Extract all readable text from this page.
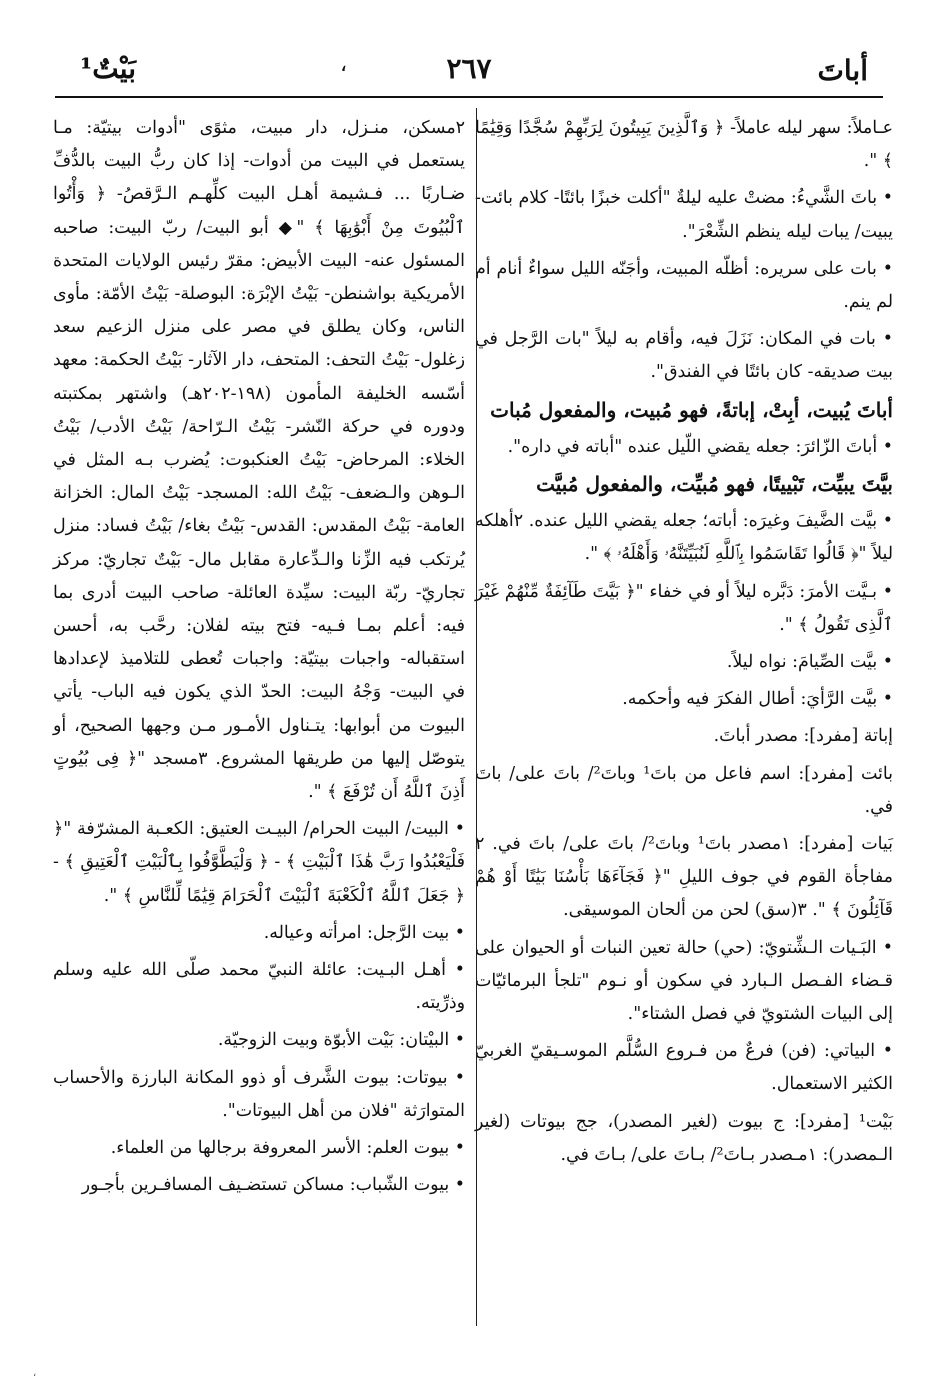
أباتَ
٢٦٧
،
بَيْتٌ¹

عـاملاً: سهر ليله عاملاً- ﴿ وَٱلَّذِينَ يَبِيتُونَ لِرَبِّهِمْ سُجَّدًا وَقِيَٰمًا ﴾ ".

• باتَ الشَّيءُ: مضتْ عليه ليلةٌ "أكلت خبزًا بائتًا- كلام بائت- يبيت/ يبات ليله ينظم الشِّعْرَ".

• بات على سريره: أظلّه المبيت، وأجَنّه الليل سواءٌ أنام أم لم ينم.

• بات في المكان: نَزَلَ فيه، وأقام به ليلاً "بات الرَّجل في بيت صديقه- كان بائتًا في الفندق".

أباتَ يُبيت، أبِتْ، إباتةً، فهو مُبيت، والمفعول مُبات

• أباتَ الزّائرَ: جعله يقضي اللّيل عنده "أباته في داره".

بيَّتَ يبيِّت، تَبْييتًا، فهو مُبيِّت، والمفعول مُبيَّت

• بيَّت الضَّيفَ وغيرَه: أباته؛ جعله يقضي الليل عنده. ٢أهلكه ليلاً "﴿ قَالُوا تَقَاسَمُوا بِٱللَّهِ لَنُبَيِّتَنَّهُۥ وَأَهْلَهُۥ ﴾ ".

• بـيَّت الأمرَ: دَبَّره ليلاً أو في خفاء "﴿ بَيَّتَ طَآئِفَةٌ مِّنْهُمْ غَيْرَ ٱلَّذِى تَقُولُ ﴾ ".

• بيَّت الصِّيامَ: نواه ليلاً.

• بيَّت الرَّأيَ: أطال الفكرَ فيه وأحكمه.

إباتة [مفرد]: مصدر أباتَ.

بائت [مفرد]: اسم فاعل من باتَ¹ وباتَ²/ باتَ على/ باتَ في.

بَيات [مفرد]: ١مصدر باتَ¹ وباتَ²/ باتَ على/ باتَ في. ٢ مفاجأة القوم في جوف الليلِ "﴿ فَجَآءَهَا بَأْسُنَا بَيَٰتًا أَوْ هُمْ قَآئِلُونَ ﴾ ". ٣(سق) لحن من ألحان الموسيقى.

• البَـيات الـشِّتويّ: (حي) حالة تعين النبات أو الحيوان على قـضاء الفـصل الـبارد في سكون أو نـوم "تلجأ البرمائيّات إلى البيات الشتويّ في فصل الشتاء".

• البياتي: (فن) فرعٌ من فـروع السُّلَّم الموسـيقيّ الغربيّ الكثير الاستعمال.

بَيْت¹ [مفرد]: ج بيوت (لغير المصدر)، جج بيوتات (لغير الـمصدر): ١مـصدر بـاتَ²/ بـاتَ على/ بـاتَ في.

٢مسكن، منـزل، دار مبيت، مثوًى "أدوات بيتيّة: مـا يستعمل في البيت من أدوات- إذا كان ربُّ البيت بالدُّفِّ ضـاربًا ... فـشيمة أهـل البيت كلِّهـم الـرَّقصُ- ﴿ وَأْتُوا ٱلْبُيُوتَ مِنْ أَبْوَٰبِهَا ﴾ "◆ أبو البيت/ ربّ البيت: صاحبه المسئول عنه- البيت الأبيض: مقرّ رئيس الولايات المتحدة الأمريكية بواشنطن- بَيْتُ الإبْرَة: البوصلة- بَيْتُ الأمّة: مأوى الناس، وكان يطلق في مصر على منزل الزعيم سعد زغلول- بَيْتُ التحف: المتحف، دار الآثار- بَيْتُ الحكمة: معهد أسّسه الخليفة المأمون (١٩٨-٢٠٢هـ) واشتهر بمكتبته ودوره في حركة النّشر- بَيْتُ الـرّاحة/ بَيْتُ الأدب/ بَيْتُ الخلاء: المرحاض- بَيْتُ العنكبوت: يُضرب بـه المثل في الـوهن والـضعف- بَيْتُ الله: المسجد- بَيْتُ المال: الخزانة العامة- بَيْتُ المقدس: القدس- بَيْتُ بغاء/ بَيْتُ فساد: منزل يُرتكب فيه الزِّنا والـدِّعارة مقابل مال- بَيْتٌ تجاريّ: مركز تجاريّ- ربّة البيت: سيِّدة العائلة- صاحب البيت أدرى بما فيه: أعلم بمـا فـيه- فتح بيته لفلان: رحَّب به، أحسن استقباله- واجبات بيتيّة: واجبات تُعطى للتلاميذ لإعدادها في البيت- وَجْهُ البيت: الحدّ الذي يكون فيه الباب- يأتي البيوت من أبوابها: يتـناول الأمـور مـن وجهها الصحيح، أو يتوصّل إليها من طريقها المشروع. ٣مسجد "﴿ فِى بُيُوتٍ أَذِنَ ٱللَّهُ أَن تُرْفَعَ ﴾ ".

• البيت/ البيت الحرام/ البيـت العتيق: الكعـبة المشرّفة "﴿ فَلْيَعْبُدُوا رَبَّ هَٰذَا ٱلْبَيْتِ ﴾ - ﴿ وَلْيَطَّوَّفُوا بِٱلْبَيْتِ ٱلْعَتِيقِ ﴾ - ﴿ جَعَلَ ٱللَّهُ ٱلْكَعْبَةَ ٱلْبَيْتَ ٱلْحَرَامَ قِيَٰمًا لِّلنَّاسِ ﴾ ".

• بيت الرَّجل: امرأته وعياله.

• أهـل البـيت: عائلة النبيّ محمد صلّى الله عليه وسلم وذرِّيته.

• البيْتان: بَيْت الأبوّة وبيت الزوجيّة.

• بيوتات: بيوت الشَّرف أو ذوو المكانة البارزة والأحساب المتوارَثة "فلان من أهل البيوتات".

• بيوت العلم: الأسر المعروفة برجالها من العلماء.

• بيوت الشّباب: مساكن تستضـيف المسافـرين بأجـور

،
